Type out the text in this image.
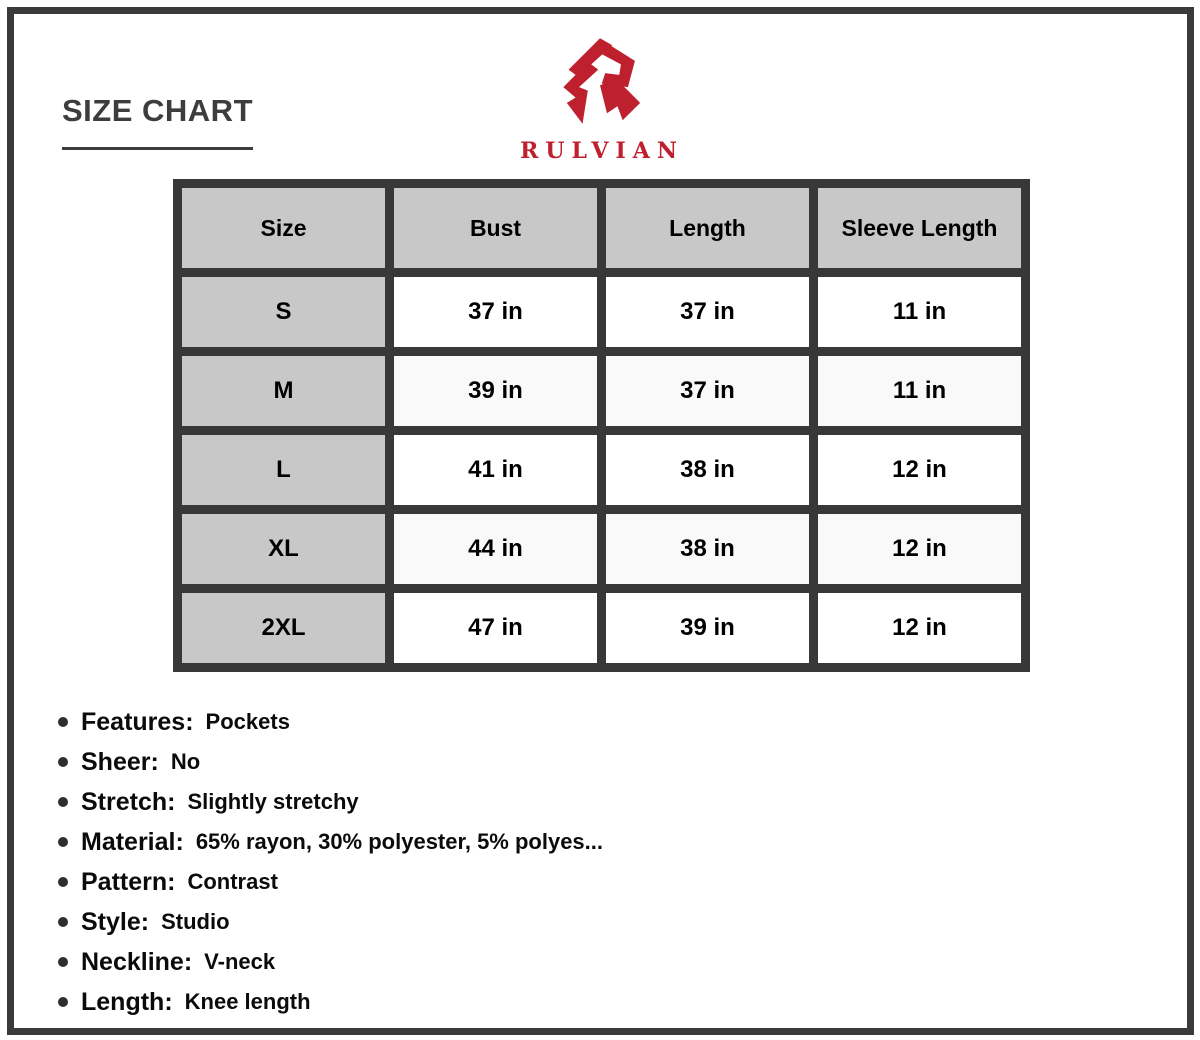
SIZE CHART
RULVIAN
Size	Bust	Length	Sleeve Length
S	37 in	37 in	11 in
M	39 in	37 in	11 in
L	41 in	38 in	12 in
XL	44 in	38 in	12 in
2XL	47 in	39 in	12 in
Features: Pockets
Sheer: No
Stretch: Slightly stretchy
Material: 65% rayon, 30% polyester, 5% polyes...
Pattern: Contrast
Style: Studio
Neckline: V-neck
Length: Knee length
